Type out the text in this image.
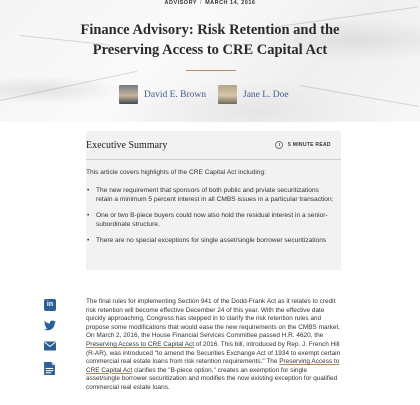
ADVISORY / MARCH 14, 2016
Finance Advisory: Risk Retention and the
Preserving Access to CRE Capital Act
David E. Brown	Jane L. Doe
Executive Summary	5 MINUTE READ

This article covers highlights of the CRE Capital Act including:

• The new requirement that sponsors of both public and prviate securitizations retain a minimum 5 percent interest in all CMBS issues in a particular transaction:
• One or two B-piece buyers could now also hold the residual interest in a senior-subordinate structure.
• There are no special exceptions for single asset/single borrower securitizations
in	The final rules for implementing Section 941 of the Dodd-Frank Act as it relates to credit risk retention will become effective December 24 of this year. With the effective date quickly approaching, Congress has stepped in to clarify the risk retention rules and propose some modifications that would ease the new requirements on the CMBS market. On March 2, 2016, the House Financial Services Committee passed H.R. 4620, the Preserving Access to CRE Capital Act of 2016. This bill, introduced by Rep. J. French Hill (R-AR), was introduced "to amend the Securities Exchange Act of 1934 to exempt certain commercial real estate loans from risk retention requirements." The Preserving Access to CRE Capital Act clarifies the "B-piece option," creates an exemption for single asset/single borrower securitization and modifies the now existing exception for qualified commercial real estate loans.
